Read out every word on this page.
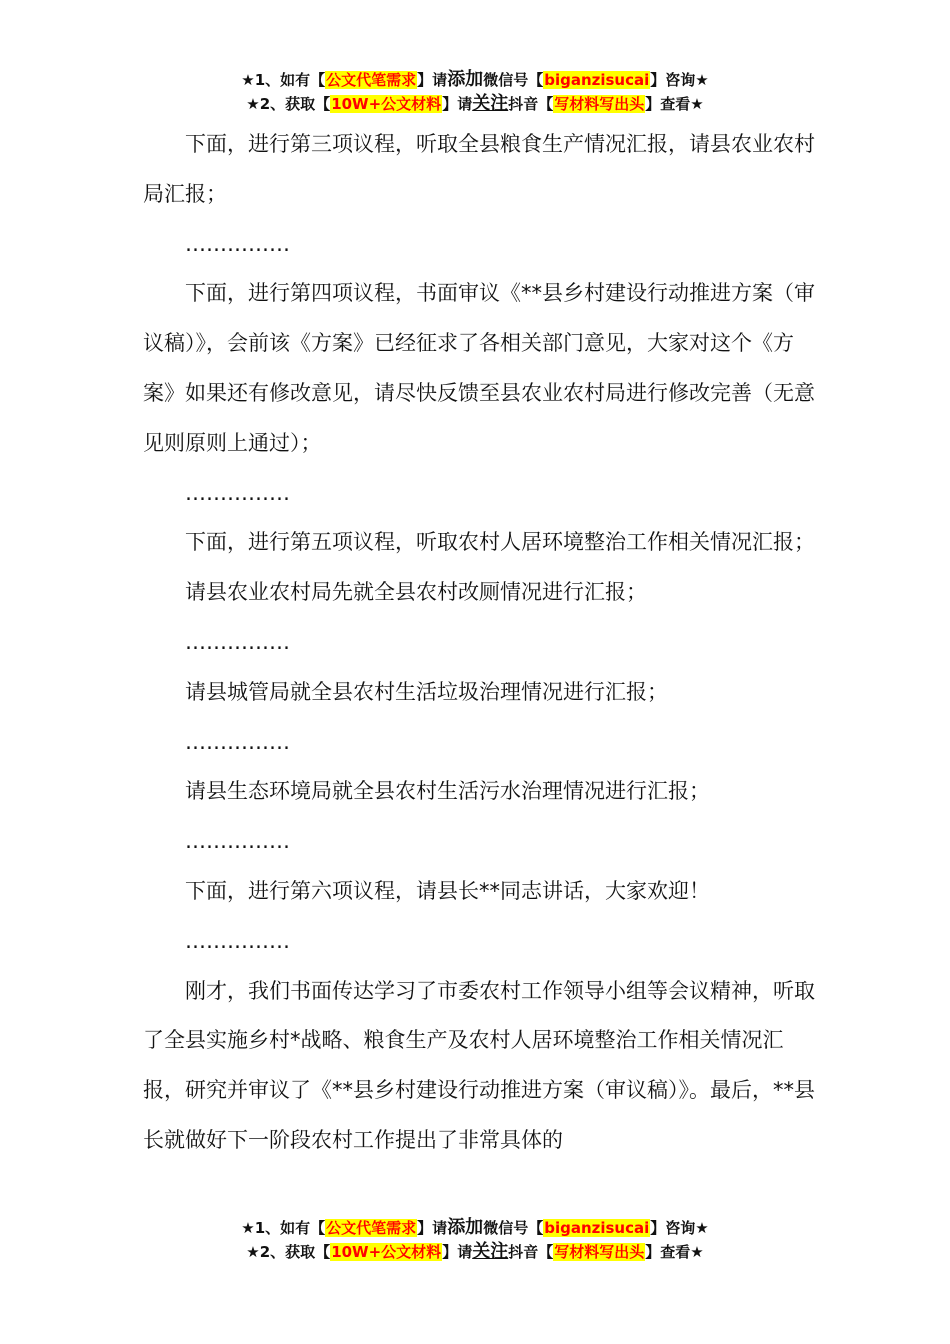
★1、如有【公文代笔需求】请添加微信号【biganzisucai】咨询★
★2、获取【10W+公文材料】请关注抖音【写材料写出头】查看★

下面，进行第三项议程，听取全县粮食生产情况汇报，请县农业农村局汇报；

……………

下面，进行第四项议程，书面审议《**县乡村建设行动推进方案（审议稿）》，会前该《方案》已经征求了各相关部门意见，大家对这个《方案》如果还有修改意见，请尽快反馈至县农业农村局进行修改完善（无意见则原则上通过）；

……………

下面，进行第五项议程，听取农村人居环境整治工作相关情况汇报；

请县农业农村局先就全县农村改厕情况进行汇报；

……………

请县城管局就全县农村生活垃圾治理情况进行汇报；

……………

请县生态环境局就全县农村生活污水治理情况进行汇报；

……………

下面，进行第六项议程，请县长**同志讲话，大家欢迎！

……………

刚才，我们书面传达学习了市委农村工作领导小组等会议精神，听取了全县实施乡村*战略、粮食生产及农村人居环境整治工作相关情况汇报，研究并审议了《**县乡村建设行动推进方案（审议稿）》。最后，**县长就做好下一阶段农村工作提出了非常具体的

★1、如有【公文代笔需求】请添加微信号【biganzisucai】咨询★
★2、获取【10W+公文材料】请关注抖音【写材料写出头】查看★
